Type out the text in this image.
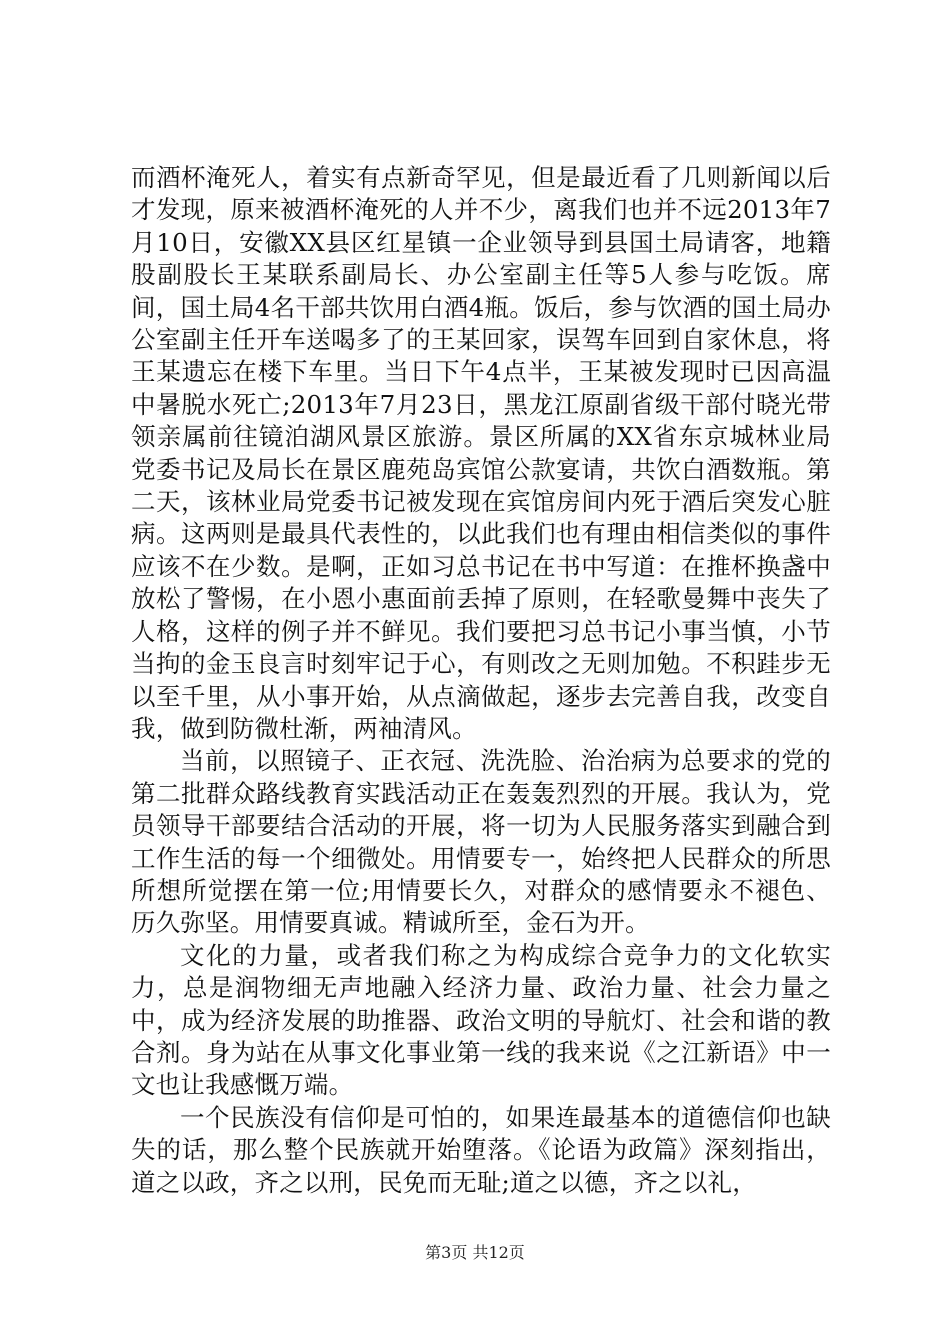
而酒杯淹死人，着实有点新奇罕见，但是最近看了几则新闻以后才发现，原来被酒杯淹死的人并不少，离我们也并不远2013年7月10日，安徽XX县区红星镇一企业领导到县国土局请客，地籍股副股长王某联系副局长、办公室副主任等5人参与吃饭。席间，国土局4名干部共饮用白酒4瓶。饭后，参与饮酒的国土局办公室副主任开车送喝多了的王某回家，误驾车回到自家休息，将王某遗忘在楼下车里。当日下午4点半，王某被发现时已因高温中暑脱水死亡;2013年7月23日，黑龙江原副省级干部付晓光带领亲属前往镜泊湖风景区旅游。景区所属的XX省东京城林业局党委书记及局长在景区鹿苑岛宾馆公款宴请，共饮白酒数瓶。第二天，该林业局党委书记被发现在宾馆房间内死于酒后突发心脏病。这两则是最具代表性的，以此我们也有理由相信类似的事件应该不在少数。是啊，正如习总书记在书中写道：在推杯换盏中放松了警惕，在小恩小惠面前丢掉了原则，在轻歌曼舞中丧失了人格，这样的例子并不鲜见。我们要把习总书记小事当慎，小节当拘的金玉良言时刻牢记于心，有则改之无则加勉。不积跬步无以至千里，从小事开始，从点滴做起，逐步去完善自我，改变自我，做到防微杜渐，两袖清风。

当前，以照镜子、正衣冠、洗洗脸、治治病为总要求的党的第二批群众路线教育实践活动正在轰轰烈烈的开展。我认为，党员领导干部要结合活动的开展，将一切为人民服务落实到融合到工作生活的每一个细微处。用情要专一，始终把人民群众的所思所想所觉摆在第一位;用情要长久，对群众的感情要永不褪色、历久弥坚。用情要真诚。精诚所至，金石为开。

文化的力量，或者我们称之为构成综合竞争力的文化软实力，总是润物细无声地融入经济力量、政治力量、社会力量之中，成为经济发展的助推器、政治文明的导航灯、社会和谐的教合剂。身为站在从事文化事业第一线的我来说《之江新语》中一文也让我感慨万端。

一个民族没有信仰是可怕的，如果连最基本的道德信仰也缺失的话，那么整个民族就开始堕落。《论语为政篇》深刻指出，道之以政，齐之以刑，民免而无耻;道之以德，齐之以礼，

第3页 共12页
